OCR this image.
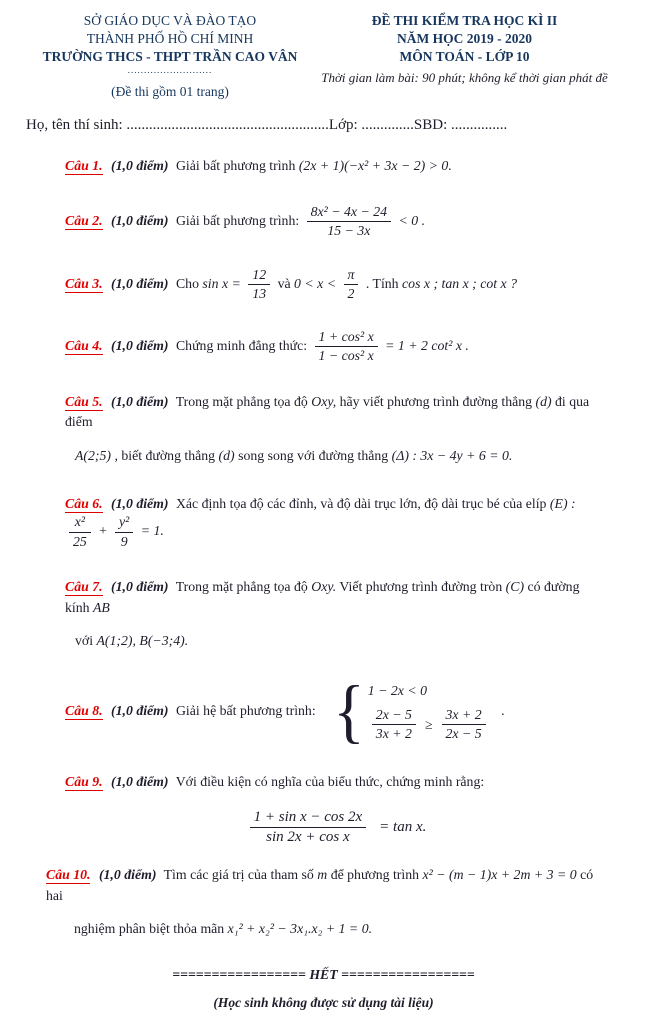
SỞ GIÁO DỤC VÀ ĐÀO TẠO
THÀNH PHỐ HỒ CHÍ MINH
TRƯỜNG THCS - THPT TRẦN CAO VÂN
..........................
(Đề thi gồm 01 trang)
ĐỀ THI KIỂM TRA HỌC KÌ II
NĂM HỌC 2019 - 2020
MÔN TOÁN - LỚP 10
Thời gian làm bài: 90 phút; không kể thời gian phát đề
Họ, tên thí sinh: ......................................................Lớp: ..............SBD: ...............
Câu 1. (1,0 điểm) Giải bất phương trình (2x + 1)(−x² + 3x − 2) > 0.
Câu 2. (1,0 điểm) Giải bất phương trình: $\frac{\text{8x² − 4x − 24}}{15 - 3x} < 0$ .
Câu 3. (1,0 điểm) Cho $\sin x = \frac{12}{13}$ và $0 < x < \frac{\pi}{2}$ . Tính cos x ; tan x ; cot x ?
Câu 4. (1,0 điểm) Chứng minh đẳng thức: $\frac{\text{1 + cos² x}}{\text{1 − cos² x}} = 1 + 2$ cot² x .
Câu 5. (1,0 điểm) Trong mặt phẳng tọa độ Oxy, hãy viết phương trình đường thẳng (d) đi qua điểm
A(2;5) , biết đường thẳng (d) song song với đường thẳng (Δ) : 3x − 4y + 6 = 0.
Câu 6. (1,0 điểm) Xác định tọa độ các đỉnh, và độ dài trục lớn, độ dài trục bé của elíp (E) :
$\frac{\text{x²}}{25} + \frac{\text{y²}}{9} = 1$.
Câu 7. (1,0 điểm) Trong mặt phẳng tọa độ Oxy. Viết phương trình đường tròn (C) có đường kính AB
với A(1;2), B(−3;4).
Câu 8. (1,0 điểm) Giải hệ bất phương trình: { 1 − 2x < 0
$\frac{2x - 5}{3x + 2} \ge \frac{3x + 2}{2x - 5}$ .
Câu 9. (1,0 điểm) Với điều kiện có nghĩa của biểu thức, chứng minh rằng:
$\frac{\text{1 + sin x − cos 2x}}{\text{sin 2x + cos x}} = \tan x$.
Câu 10. (1,0 điểm) Tìm các giá trị của tham số m để phương trình x² − (m − 1)x + 2m + 3 = 0 có hai
nghiệm phân biệt thỏa mãn x₁² + x₂² − 3x₁.x₂ + 1 = 0.
================= HẾT =================
(Học sinh không được sử dụng tài liệu)
